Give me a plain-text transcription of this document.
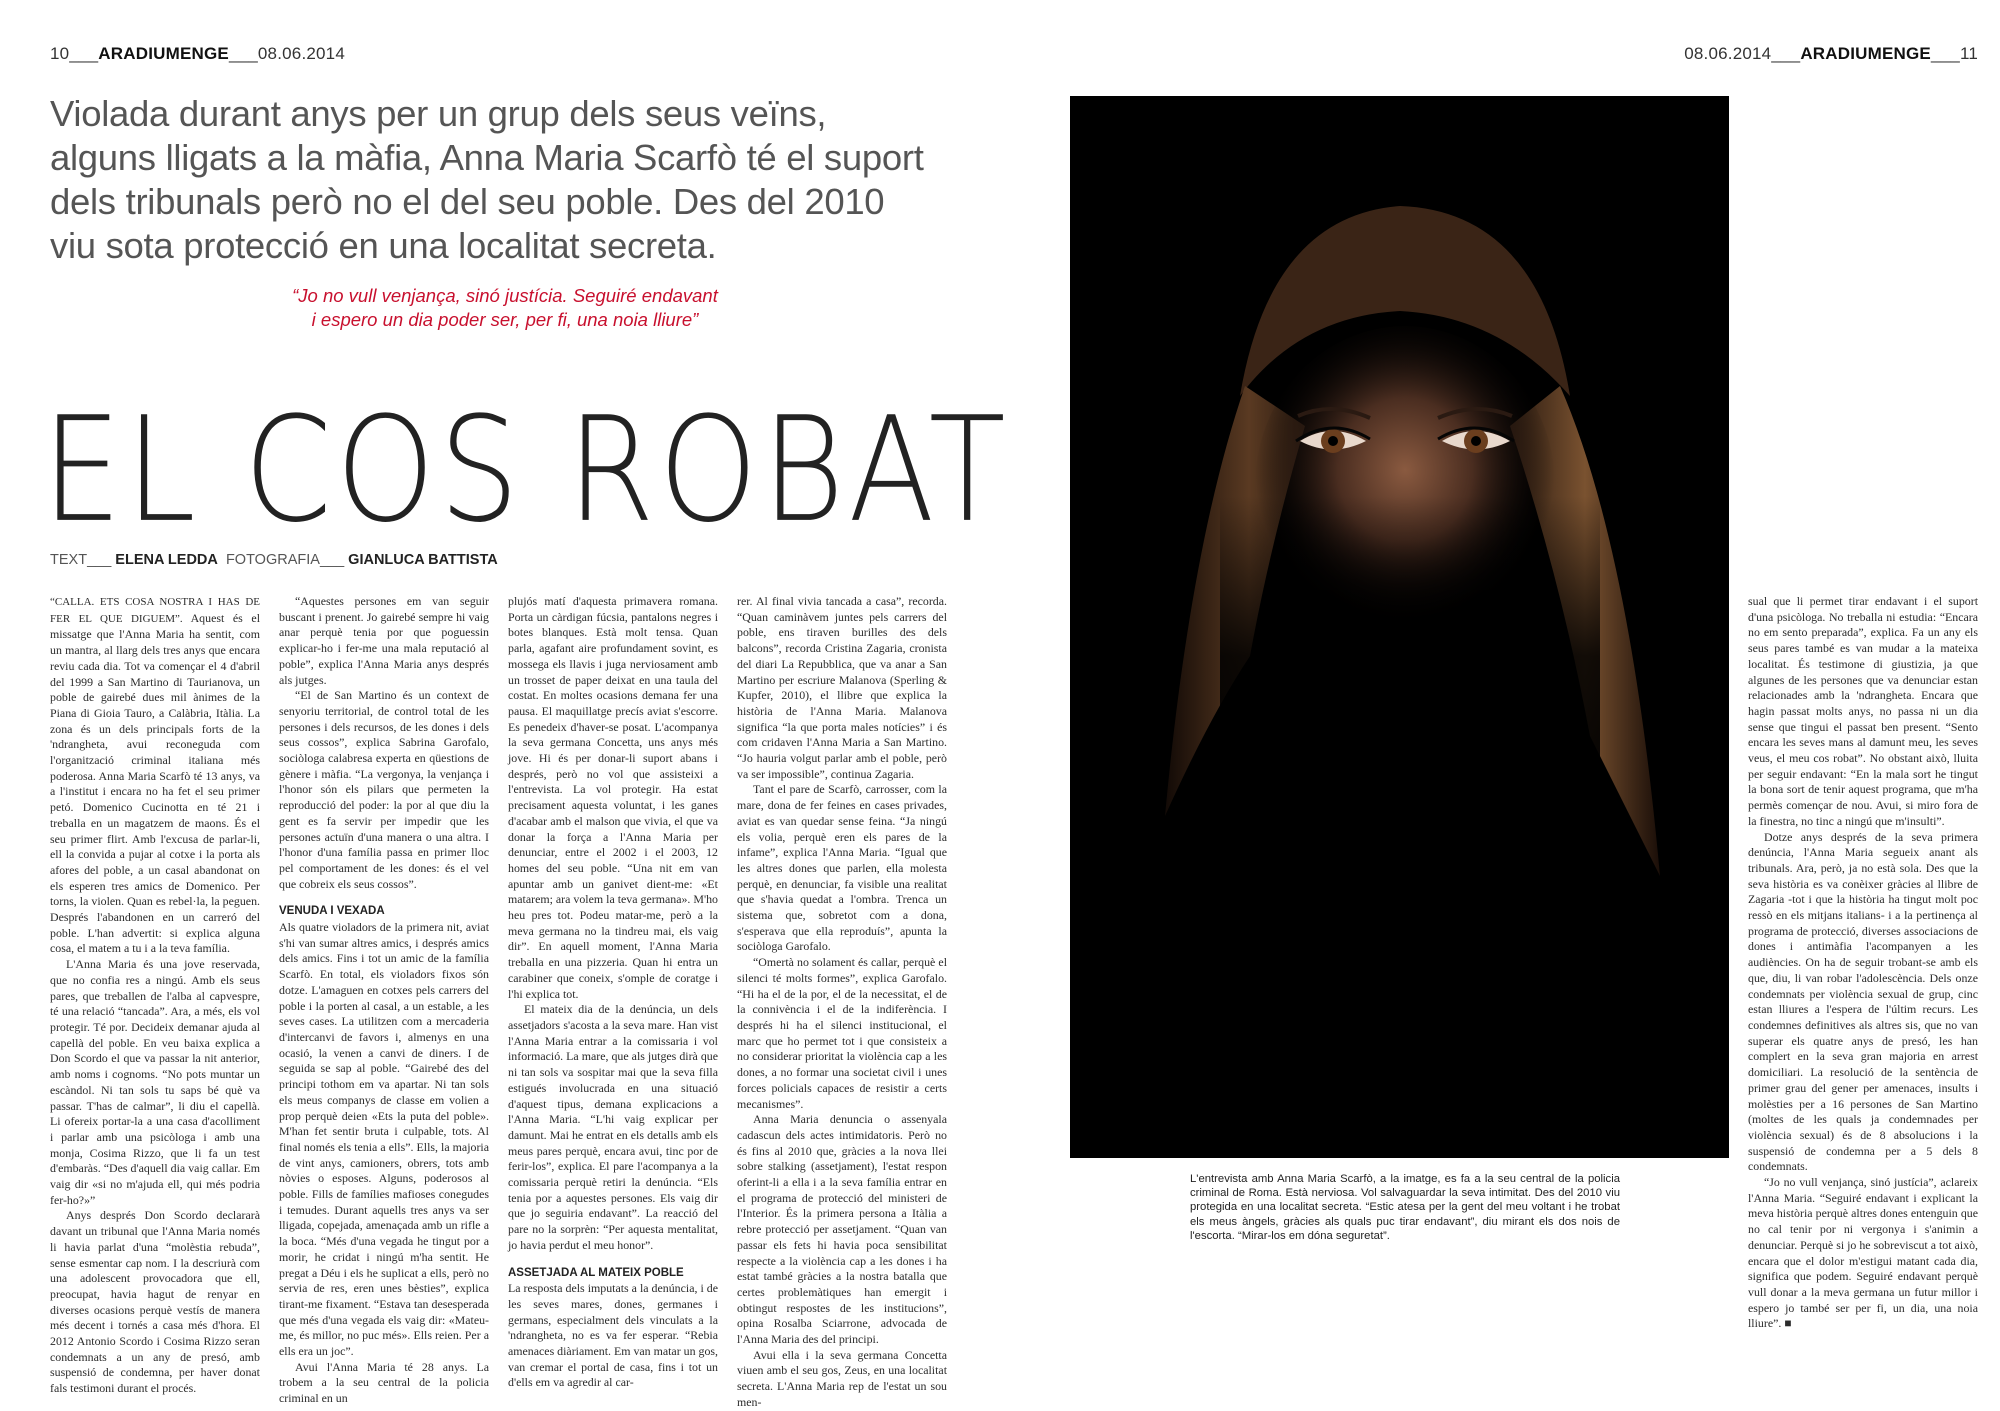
10___ARADIUMENGE___08.06.2014	08.06.2014___ARADIUMENGE___11
Violada durant anys per un grup dels seus veïns, alguns lligats a la màfia, Anna Maria Scarfò té el suport dels tribunals però no el del seu poble. Des del 2010 viu sota protecció en una localitat secreta.
“Jo no vull venjança, sinó justícia. Seguiré endavant
i espero un dia poder ser, per fi, una noia lliure”
EL COS ROBAT
TEXT___ ELENA LEDDA FOTOGRAFIA___ GIANLUCA BATTISTA

“CALLA. ETS COSA NOSTRA I HAS DE FER EL QUE DIGUEM”. Aquest és el missatge que l'Anna Maria ha sentit, com un mantra, al llarg dels tres anys que encara reviu cada dia. Tot va començar el 4 d'abril del 1999 a San Martino di Taurianova, un poble de gairebé dues mil ànimes de la Piana di Gioia Tauro, a Calàbria, Itàlia. La zona és un dels principals forts de la 'ndrangheta, avui reconeguda com l'organització criminal italiana més poderosa. Anna Maria Scarfò té 13 anys, va a l'institut i encara no ha fet el seu primer petó. Domenico Cucinotta en té 21 i treballa en un magatzem de maons. És el seu primer flirt. Amb l'excusa de parlar-li, ell la convida a pujar al cotxe i la porta als afores del poble, a un casal abandonat on els esperen tres amics de Domenico. Per torns, la violen. Quan es rebel·la, la peguen. Després l'abandonen en un carreró del poble. L'han advertit: si explica alguna cosa, el matem a tu i a la teva família.

L'Anna Maria és una jove reservada, que no confia res a ningú. Amb els seus pares, que treballen de l'alba al capvespre, té una relació “tancada”. Ara, a més, els vol protegir. Té por. Decideix demanar ajuda al capellà del poble. En veu baixa explica a Don Scordo el que va passar la nit anterior, amb noms i cognoms. “No pots muntar un escàndol. Ni tan sols tu saps bé què va passar. T'has de calmar”, li diu el capellà. Li ofereix portar-la a una casa d'acolliment i parlar amb una psicòloga i amb una monja, Cosima Rizzo, que li fa un test d'embaràs. “Des d'aquell dia vaig callar. Em vaig dir «si no m'ajuda ell, qui més podria fer-ho?»”

Anys després Don Scordo declararà davant un tribunal que l'Anna Maria només li havia parlat d'una “molèstia rebuda”, sense esmentar cap nom. I la descriurà com una adolescent provocadora que ell, preocupat, havia hagut de renyar en diverses ocasions perquè vestís de manera més decent i tornés a casa més d'hora. El 2012 Antonio Scordo i Cosima Rizzo seran condemnats a un any de presó, amb suspensió de condemna, per haver donat fals testimoni durant el procés.

“Aquestes persones em van seguir buscant i prenent. Jo gairebé sempre hi vaig anar perquè tenia por que poguessin explicar-ho i fer-me una mala reputació al poble”, explica l'Anna Maria anys després als jutges.

“El de San Martino és un context de senyoriu territorial, de control total de les persones i dels recursos, de les dones i dels seus cossos”, explica Sabrina Garofalo, sociòloga calabresa experta en qüestions de gènere i màfia. “La vergonya, la venjança i l'honor són els pilars que permeten la reproducció del poder: la por al que diu la gent es fa servir per impedir que les persones actuïn d'una manera o una altra. I l'honor d'una família passa en primer lloc pel comportament de les dones: és el vel que cobreix els seus cossos”.

VENUDA I VEXADA

Als quatre violadors de la primera nit, aviat s'hi van sumar altres amics, i després amics dels amics. Fins i tot un amic de la família Scarfò. En total, els violadors fixos són dotze. L'amaguen en cotxes pels carrers del poble i la porten al casal, a un estable, a les seves cases. La utilitzen com a mercaderia d'intercanvi de favors i, almenys en una ocasió, la venen a canvi de diners. I de seguida se sap al poble. “Gairebé des del principi tothom em va apartar. Ni tan sols els meus companys de classe em volien a prop perquè deien «Ets la puta del poble». M'han fet sentir bruta i culpable, tots. Al final només els tenia a ells”. Ells, la majoria de vint anys, camioners, obrers, tots amb nòvies o esposes. Alguns, poderosos al poble. Fills de famílies mafioses conegudes i temudes. Durant aquells tres anys va ser lligada, copejada, amenaçada amb un rifle a la boca. “Més d'una vegada he tingut por a morir, he cridat i ningú m'ha sentit. He pregat a Déu i els he suplicat a ells, però no servia de res, eren unes bèsties”, explica tirant-me fixament. “Estava tan desesperada que més d'una vegada els vaig dir: «Mateu-me, és millor, no puc més». Ells reien. Per a ells era un joc”.

Avui l'Anna Maria té 28 anys. La trobem a la seu central de la policia criminal en un

plujós matí d'aquesta primavera romana. Porta un càrdigan fúcsia, pantalons negres i botes blanques. Està molt tensa. Quan parla, agafant aire profundament sovint, es mossega els llavis i juga nerviosament amb un trosset de paper deixat en una taula del costat. En moltes ocasions demana fer una pausa. El maquillatge precís aviat s'escorre. Es penedeix d'haver-se posat. L'acompanya la seva germana Concetta, uns anys més jove. Hi és per donar-li suport abans i després, però no vol que assisteixi a l'entrevista. La vol protegir. Ha estat precisament aquesta voluntat, i les ganes d'acabar amb el malson que vivia, el que va donar la força a l'Anna Maria per denunciar, entre el 2002 i el 2003, 12 homes del seu poble. “Una nit em van apuntar amb un ganivet dient-me: «Et matarem; ara volem la teva germana». M'ho heu pres tot. Podeu matar-me, però a la meva germana no la tindreu mai, els vaig dir”. En aquell moment, l'Anna Maria treballa en una pizzeria. Quan hi entra un carabiner que coneix, s'omple de coratge i l'hi explica tot.

El mateix dia de la denúncia, un dels assetjadors s'acosta a la seva mare. Han vist l'Anna Maria entrar a la comissaria i vol informació. La mare, que als jutges dirà que ni tan sols va sospitar mai que la seva filla estigués involucrada en una situació d'aquest tipus, demana explicacions a l'Anna Maria. “L'hi vaig explicar per damunt. Mai he entrat en els detalls amb els meus pares perquè, encara avui, tinc por de ferir-los”, explica. El pare l'acompanya a la comissaria perquè retiri la denúncia. “Els tenia por a aquestes persones. Els vaig dir que jo seguiria endavant”. La reacció del pare no la sorprèn: “Per aquesta mentalitat, jo havia perdut el meu honor”.

ASSETJADA AL MATEIX POBLE

La resposta dels imputats a la denúncia, i de les seves mares, dones, germanes i germans, especialment dels vinculats a la 'ndrangheta, no es va fer esperar. “Rebia amenaces diàriament. Em van matar un gos, van cremar el portal de casa, fins i tot un d'ells em va agredir al car-

rer. Al final vivia tancada a casa”, recorda. “Quan caminàvem juntes pels carrers del poble, ens tiraven burilles des dels balcons”, recorda Cristina Zagaria, cronista del diari La Repubblica, que va anar a San Martino per escriure Malanova (Sperling & Kupfer, 2010), el llibre que explica la història de l'Anna Maria. Malanova significa “la que porta males notícies” i és com cridaven l'Anna Maria a San Martino. “Jo hauria volgut parlar amb el poble, però va ser impossible”, continua Zagaria.

Tant el pare de Scarfò, carrosser, com la mare, dona de fer feines en cases privades, aviat es van quedar sense feina. “Ja ningú els volia, perquè eren els pares de la infame”, explica l'Anna Maria. “Igual que les altres dones que parlen, ella molesta perquè, en denunciar, fa visible una realitat que s'havia quedat a l'ombra. Trenca un sistema que, sobretot com a dona, s'esperava que ella reproduís”, apunta la sociòloga Garofalo.

“Omertà no solament és callar, perquè el silenci té molts formes”, explica Garofalo. “Hi ha el de la por, el de la necessitat, el de la connivència i el de la indiferència. I després hi ha el silenci institucional, el marc que ho permet tot i que consisteix a no considerar prioritat la violència cap a les dones, a no formar una societat civil i unes forces policials capaces de resistir a certs mecanismes”.

Anna Maria denuncia o assenyala cadascun dels actes intimidatoris. Però no és fins al 2010 que, gràcies a la nova llei sobre stalking (assetjament), l'estat respon oferint-li a ella i a la seva família entrar en el programa de protecció del ministeri de l'Interior. És la primera persona a Itàlia a rebre protecció per assetjament. “Quan van passar els fets hi havia poca sensibilitat respecte a la violència cap a les dones i ha estat també gràcies a la nostra batalla que certes problemàtiques han emergit i obtingut respostes de les institucions”, opina Rosalba Sciarrone, advocada de l'Anna Maria des del principi.

Avui ella i la seva germana Concetta viuen amb el seu gos, Zeus, en una localitat secreta. L'Anna Maria rep de l'estat un sou men-

L'entrevista amb Anna Maria Scarfò, a la imatge, es fa a la seu central de la policia criminal de Roma. Està nerviosa. Vol salvaguardar la seva intimitat. Des del 2010 viu protegida en una localitat secreta. “Estic atesa per la gent del meu voltant i he trobat els meus àngels, gràcies als quals puc tirar endavant”, diu mirant els dos nois de l'escorta. “Mirar-los em dóna seguretat”.

sual que li permet tirar endavant i el suport d'una psicòloga. No treballa ni estudia: “Encara no em sento preparada”, explica. Fa un any els seus pares també es van mudar a la mateixa localitat. És testimone di giustizia, ja que algunes de les persones que va denunciar estan relacionades amb la 'ndrangheta. Encara que hagin passat molts anys, no passa ni un dia sense que tingui el passat ben present. “Sento encara les seves mans al damunt meu, les seves veus, el meu cos robat”. No obstant això, lluita per seguir endavant: “En la mala sort he tingut la bona sort de tenir aquest programa, que m'ha permès començar de nou. Avui, si miro fora de la finestra, no tinc a ningú que m'insulti”.

Dotze anys després de la seva primera denúncia, l'Anna Maria segueix anant als tribunals. Ara, però, ja no està sola. Des que la seva història es va conèixer gràcies al llibre de Zagaria -tot i que la història ha tingut molt poc ressò en els mitjans italians- i a la pertinença al programa de protecció, diverses associacions de dones i antimàfia l'acompanyen a les audiències. On ha de seguir trobant-se amb els que, diu, li van robar l'adolescència. Dels onze condemnats per violència sexual de grup, cinc estan lliures a l'espera de l'últim recurs. Les condemnes definitives als altres sis, que no van superar els quatre anys de presó, les han complert en la seva gran majoria en arrest domiciliari. La resolució de la sentència de primer grau del gener per amenaces, insults i molèsties per a 16 persones de San Martino (moltes de les quals ja condemnades per violència sexual) és de 8 absolucions i la suspensió de condemna per a 5 dels 8 condemnats.

“Jo no vull venjança, sinó justícia”, aclareix l'Anna Maria. “Seguiré endavant i explicant la meva història perquè altres dones entenguin que no cal tenir por ni vergonya i s'animin a denunciar. Perquè si jo he sobreviscut a tot això, encara que el dolor m'estigui matant cada dia, significa que podem. Seguiré endavant perquè vull donar a la meva germana un futur millor i espero jo també ser per fi, un dia, una noia lliure”. ■
